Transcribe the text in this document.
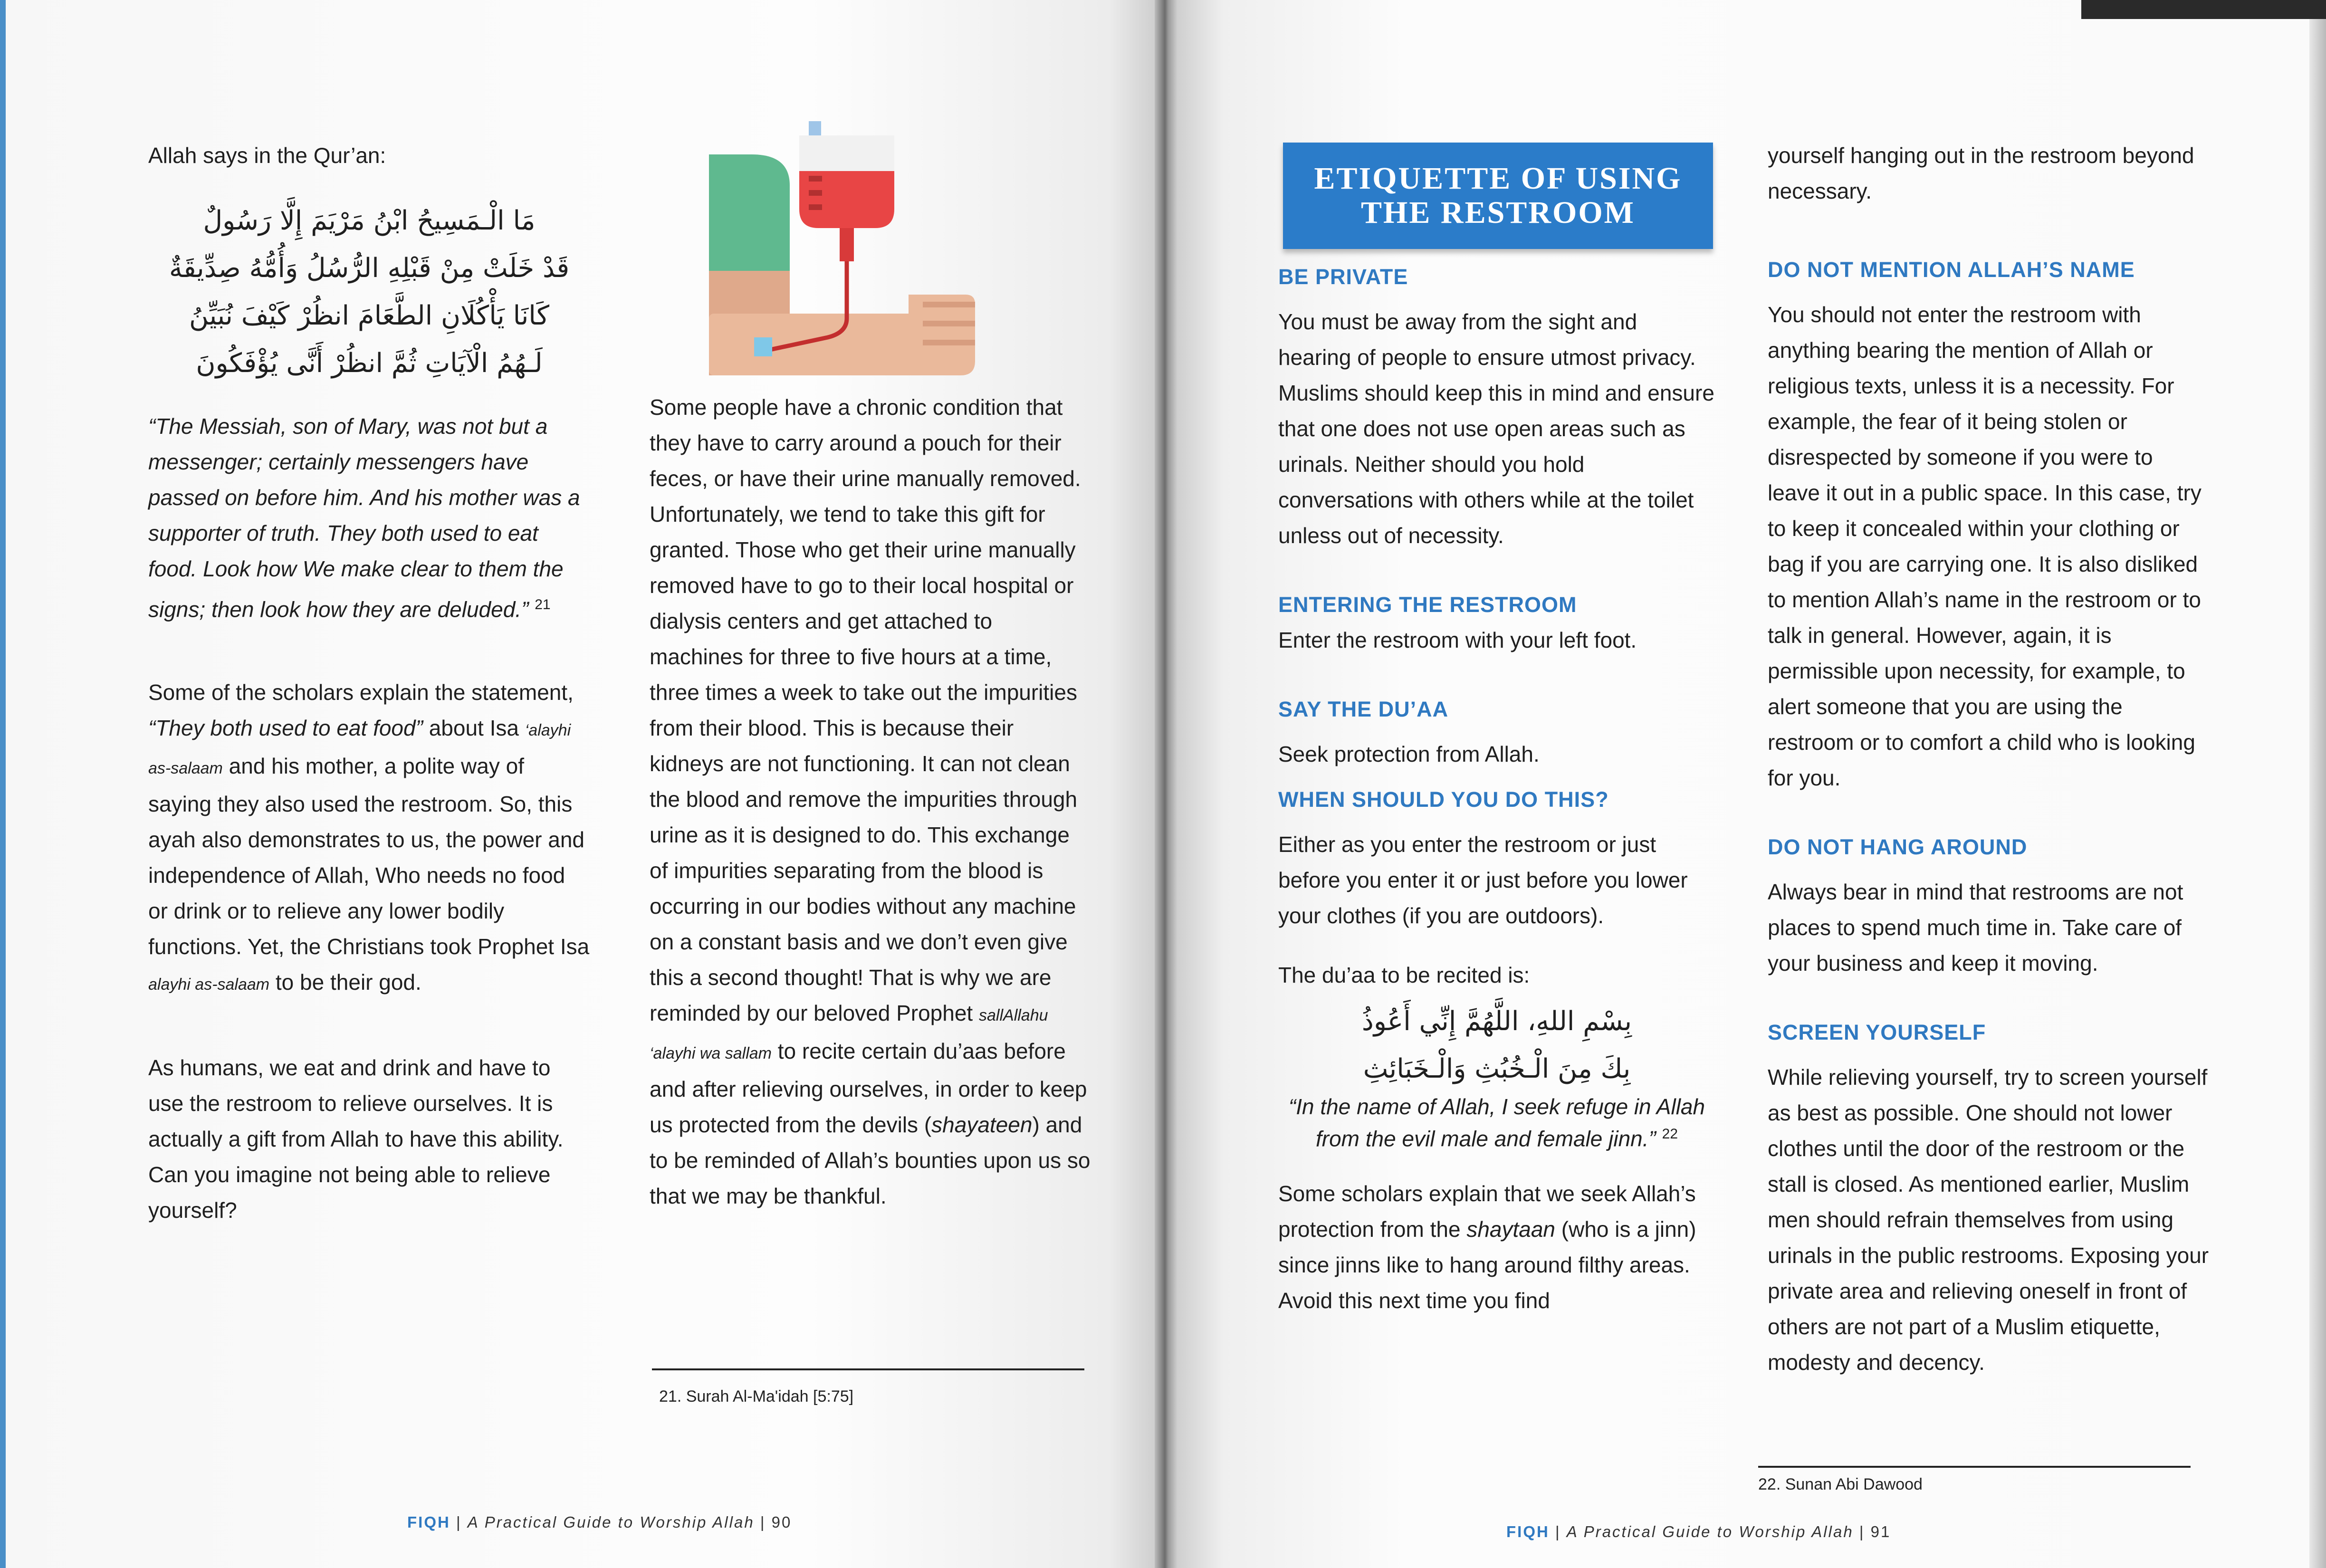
Allah says in the Qur’an:

مَا الْـمَسِيحُ ابْنُ مَرْيَمَ إِلَّا رَسُولٌ
قَدْ خَلَتْ مِنْ قَبْلِهِ الرُّسُلُ وَأُمُّهُ صِدِّيقَةٌ
كَانَا يَأْكُلَانِ الطَّعَامَ انظُرْ كَيْفَ نُبَيِّنُ
لَـهُمُ الْآيَاتِ ثُمَّ انظُرْ أَنَّى يُؤْفَكُونَ

“The Messiah, son of Mary, was not but a messenger; certainly messengers have passed on before him. And his mother was a supporter of truth. They both used to eat food. Look how We make clear to them the signs; then look how they are deluded.” $^{21}$

Some of the scholars explain the statement, “They both used to eat food” about Isa ‘alayhi as-salaam and his mother, a polite way of saying they also used the restroom. So, this ayah also demonstrates to us, the power and independence of Allah, Who needs no food or drink or to relieve any lower bodily functions. Yet, the Christians took Prophet Isa alayhi as-salaam to be their god.

As humans, we eat and drink and have to use the restroom to relieve ourselves. It is actually a gift from Allah to have this ability. Can you imagine not being able to relieve yourself?

Some people have a chronic condition that they have to carry around a pouch for their feces, or have their urine manually removed. Unfortunately, we tend to take this gift for granted. Those who get their urine manually removed have to go to their local hospital or dialysis centers and get attached to machines for three to five hours at a time, three times a week to take out the impurities from their blood. This is because their kidneys are not functioning. It can not clean the blood and remove the impurities through urine as it is designed to do. This exchange of impurities separating from the blood is occurring in our bodies without any machine on a constant basis and we don’t even give this a second thought! That is why we are reminded by our beloved Prophet sallAllahu ‘alayhi wa sallam to recite certain du’aas before and after relieving ourselves, in order to keep us protected from the devils (shayateen) and to be reminded of Allah’s bounties upon us so that we may be thankful.

21. Surah Al-Ma'idah [5:75]
FIQH | A Practical Guide to Worship Allah | 90
ETIQUETTE OF USING
THE RESTROOM

BE PRIVATE

You must be away from the sight and hearing of people to ensure utmost privacy. Muslims should keep this in mind and ensure that one does not use open areas such as urinals. Neither should you hold conversations with others while at the toilet unless out of necessity.

ENTERING THE RESTROOM

Enter the restroom with your left foot.

SAY THE DU’AA

Seek protection from Allah.

WHEN SHOULD YOU DO THIS?

Either as you enter the restroom or just before you enter it or just before you lower your clothes (if you are outdoors).

The du’aa to be recited is:

بِسْمِ اللهِ، اللَّهُمَّ إِنِّي أَعُوذُ
بِكَ مِنَ الْـخُبُثِ وَالْـخَبَائِثِ

“In the name of Allah, I seek refuge in Allah from the evil male and female jinn.” $^{22}$

Some scholars explain that we seek Allah’s protection from the shaytaan (who is a jinn) since jinns like to hang around filthy areas. Avoid this next time you find

yourself hanging out in the restroom beyond necessary.

DO NOT MENTION ALLAH’S NAME

You should not enter the restroom with anything bearing the mention of Allah or religious texts, unless it is a necessity. For example, the fear of it being stolen or disrespected by someone if you were to leave it out in a public space. In this case, try to keep it concealed within your clothing or bag if you are carrying one. It is also disliked to mention Allah’s name in the restroom or to talk in general. However, again, it is permissible upon necessity, for example, to alert someone that you are using the restroom or to comfort a child who is looking for you.

DO NOT HANG AROUND

Always bear in mind that restrooms are not places to spend much time in. Take care of your business and keep it moving.

SCREEN YOURSELF

While relieving yourself, try to screen yourself as best as possible. One should not lower clothes until the door of the restroom or the stall is closed. As mentioned earlier, Muslim men should refrain themselves from using urinals in the public restrooms. Exposing your private area and relieving oneself in front of others are not part of a Muslim etiquette, modesty and decency.

22. Sunan Abi Dawood
FIQH | A Practical Guide to Worship Allah | 91
